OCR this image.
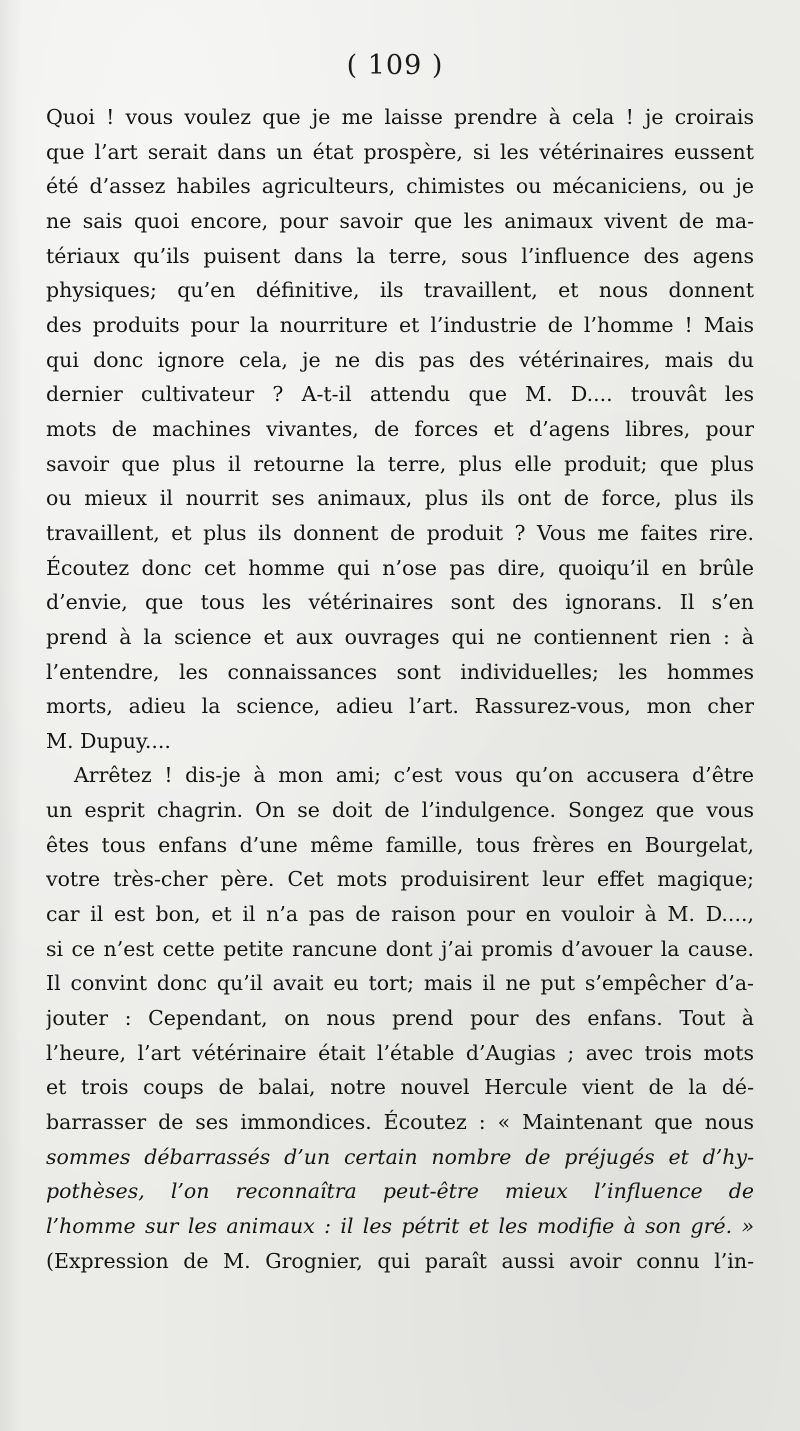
( 109 )
Quoi ! vous voulez que je me laisse prendre à cela ! je croirais
que l’art serait dans un état prospère, si les vétérinaires eussent
été d’assez habiles agriculteurs, chimistes ou mécaniciens, ou je
ne sais quoi encore, pour savoir que les animaux vivent de ma-
tériaux qu’ils puisent dans la terre, sous l’influence des agens
physiques; qu’en définitive, ils travaillent, et nous donnent
des produits pour la nourriture et l’industrie de l’homme ! Mais
qui donc ignore cela, je ne dis pas des vétérinaires, mais du
dernier cultivateur ? A-t-il attendu que M. D.... trouvât les
mots de machines vivantes, de forces et d’agens libres, pour
savoir que plus il retourne la terre, plus elle produit; que plus
ou mieux il nourrit ses animaux, plus ils ont de force, plus ils
travaillent, et plus ils donnent de produit ? Vous me faites rire.
Écoutez donc cet homme qui n’ose pas dire, quoiqu’il en brûle
d’envie, que tous les vétérinaires sont des ignorans. Il s’en
prend à la science et aux ouvrages qui ne contiennent rien : à
l’entendre, les connaissances sont individuelles; les hommes
morts, adieu la science, adieu l’art. Rassurez-vous, mon cher
M. Dupuy....
Arrêtez ! dis-je à mon ami; c’est vous qu’on accusera d’être
un esprit chagrin. On se doit de l’indulgence. Songez que vous
êtes tous enfans d’une même famille, tous frères en Bourgelat,
votre très-cher père. Cet mots produisirent leur effet magique;
car il est bon, et il n’a pas de raison pour en vouloir à M. D....,
si ce n’est cette petite rancune dont j’ai promis d’avouer la cause.
Il convint donc qu’il avait eu tort; mais il ne put s’empêcher d’a-
jouter : Cependant, on nous prend pour des enfans. Tout à
l’heure, l’art vétérinaire était l’étable d’Augias ; avec trois mots
et trois coups de balai, notre nouvel Hercule vient de la dé-
barrasser de ses immondices. Écoutez : « Maintenant que nous
sommes débarrassés d’un certain nombre de préjugés et d’hy-
pothèses, l’on reconnaîtra peut-être mieux l’influence de
l’homme sur les animaux : il les pétrit et les modifie à son gré. »
(Expression de M. Grognier, qui paraît aussi avoir connu l’in-
